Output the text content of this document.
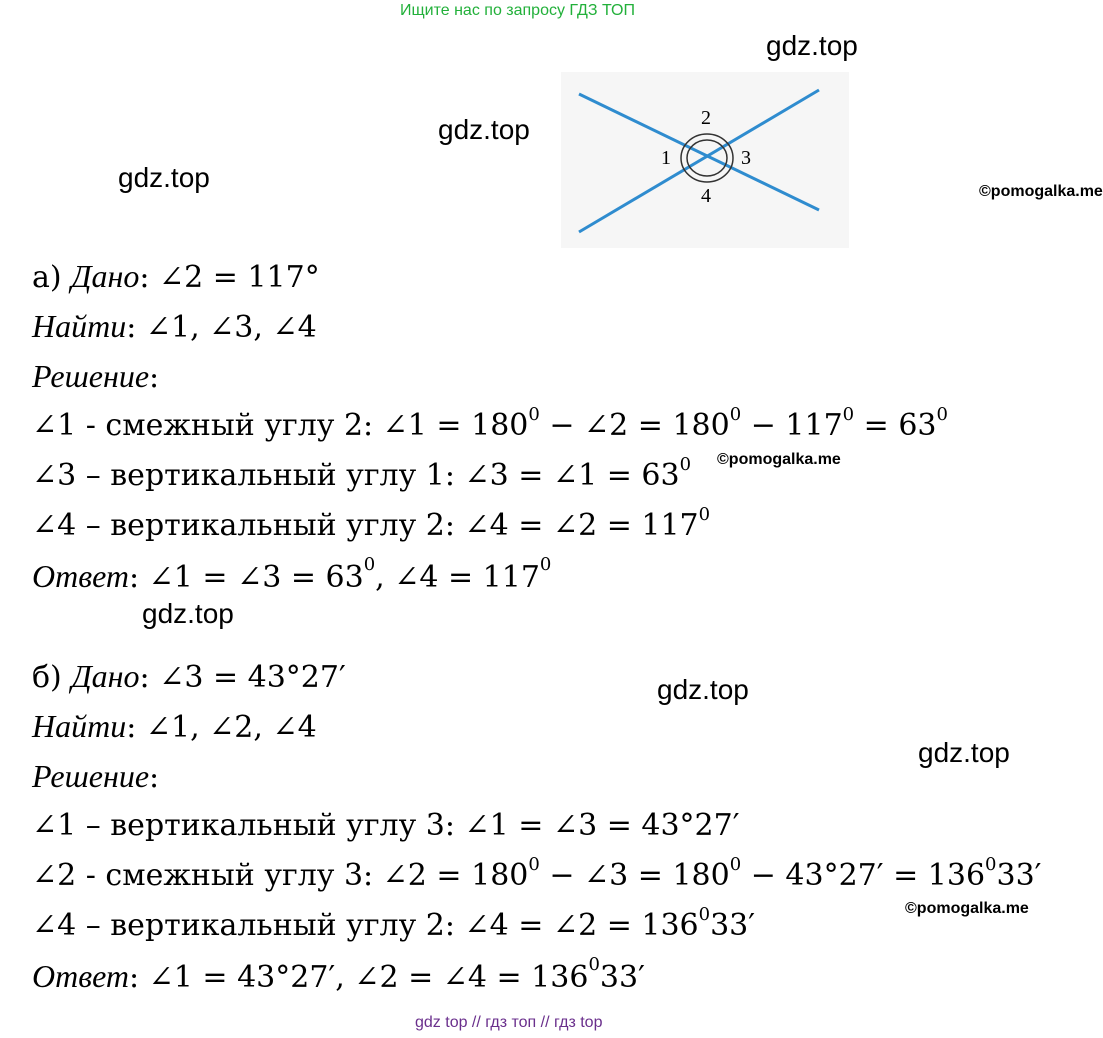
Ищите нас по запросу ГДЗ ТОП
gdz.top
gdz.top
gdz.top	©pomogalka.me
1
2
3
4
а) Дано: ∠2 = 117°
Найти: ∠1, ∠3, ∠4
Решение:
∠1 - смежный углу 2: ∠1 = $180^0$ − ∠2 = $180^0 - 117^0 = 63^0$
©pomogalka.me
∠3 – вертикальный углу 1: ∠3 = ∠1 = $63^0$
∠4 – вертикальный углу 2: ∠4 = ∠2 = $117^0$
Ответ: ∠1 = ∠3 = $63^0$, ∠4 = $117^0$
gdz.top
б) Дано: ∠3 = 43°27′	gdz.top
Найти: ∠1, ∠2, ∠4
gdz.top
Решение:
∠1 – вертикальный углу 3: ∠1 = ∠3 = 43°27′
∠2 - смежный углу 3: ∠2 = $180^0$ − ∠3 = $180^0 - 43^\circ 27' = 136^033'$
©pomogalka.me
∠4 – вертикальный углу 2: ∠4 = ∠2 = $136^033'$
Ответ: ∠1 = 43°27′, ∠2 = ∠4 = $136^033'$
gdz top // гдз топ // гдз top
